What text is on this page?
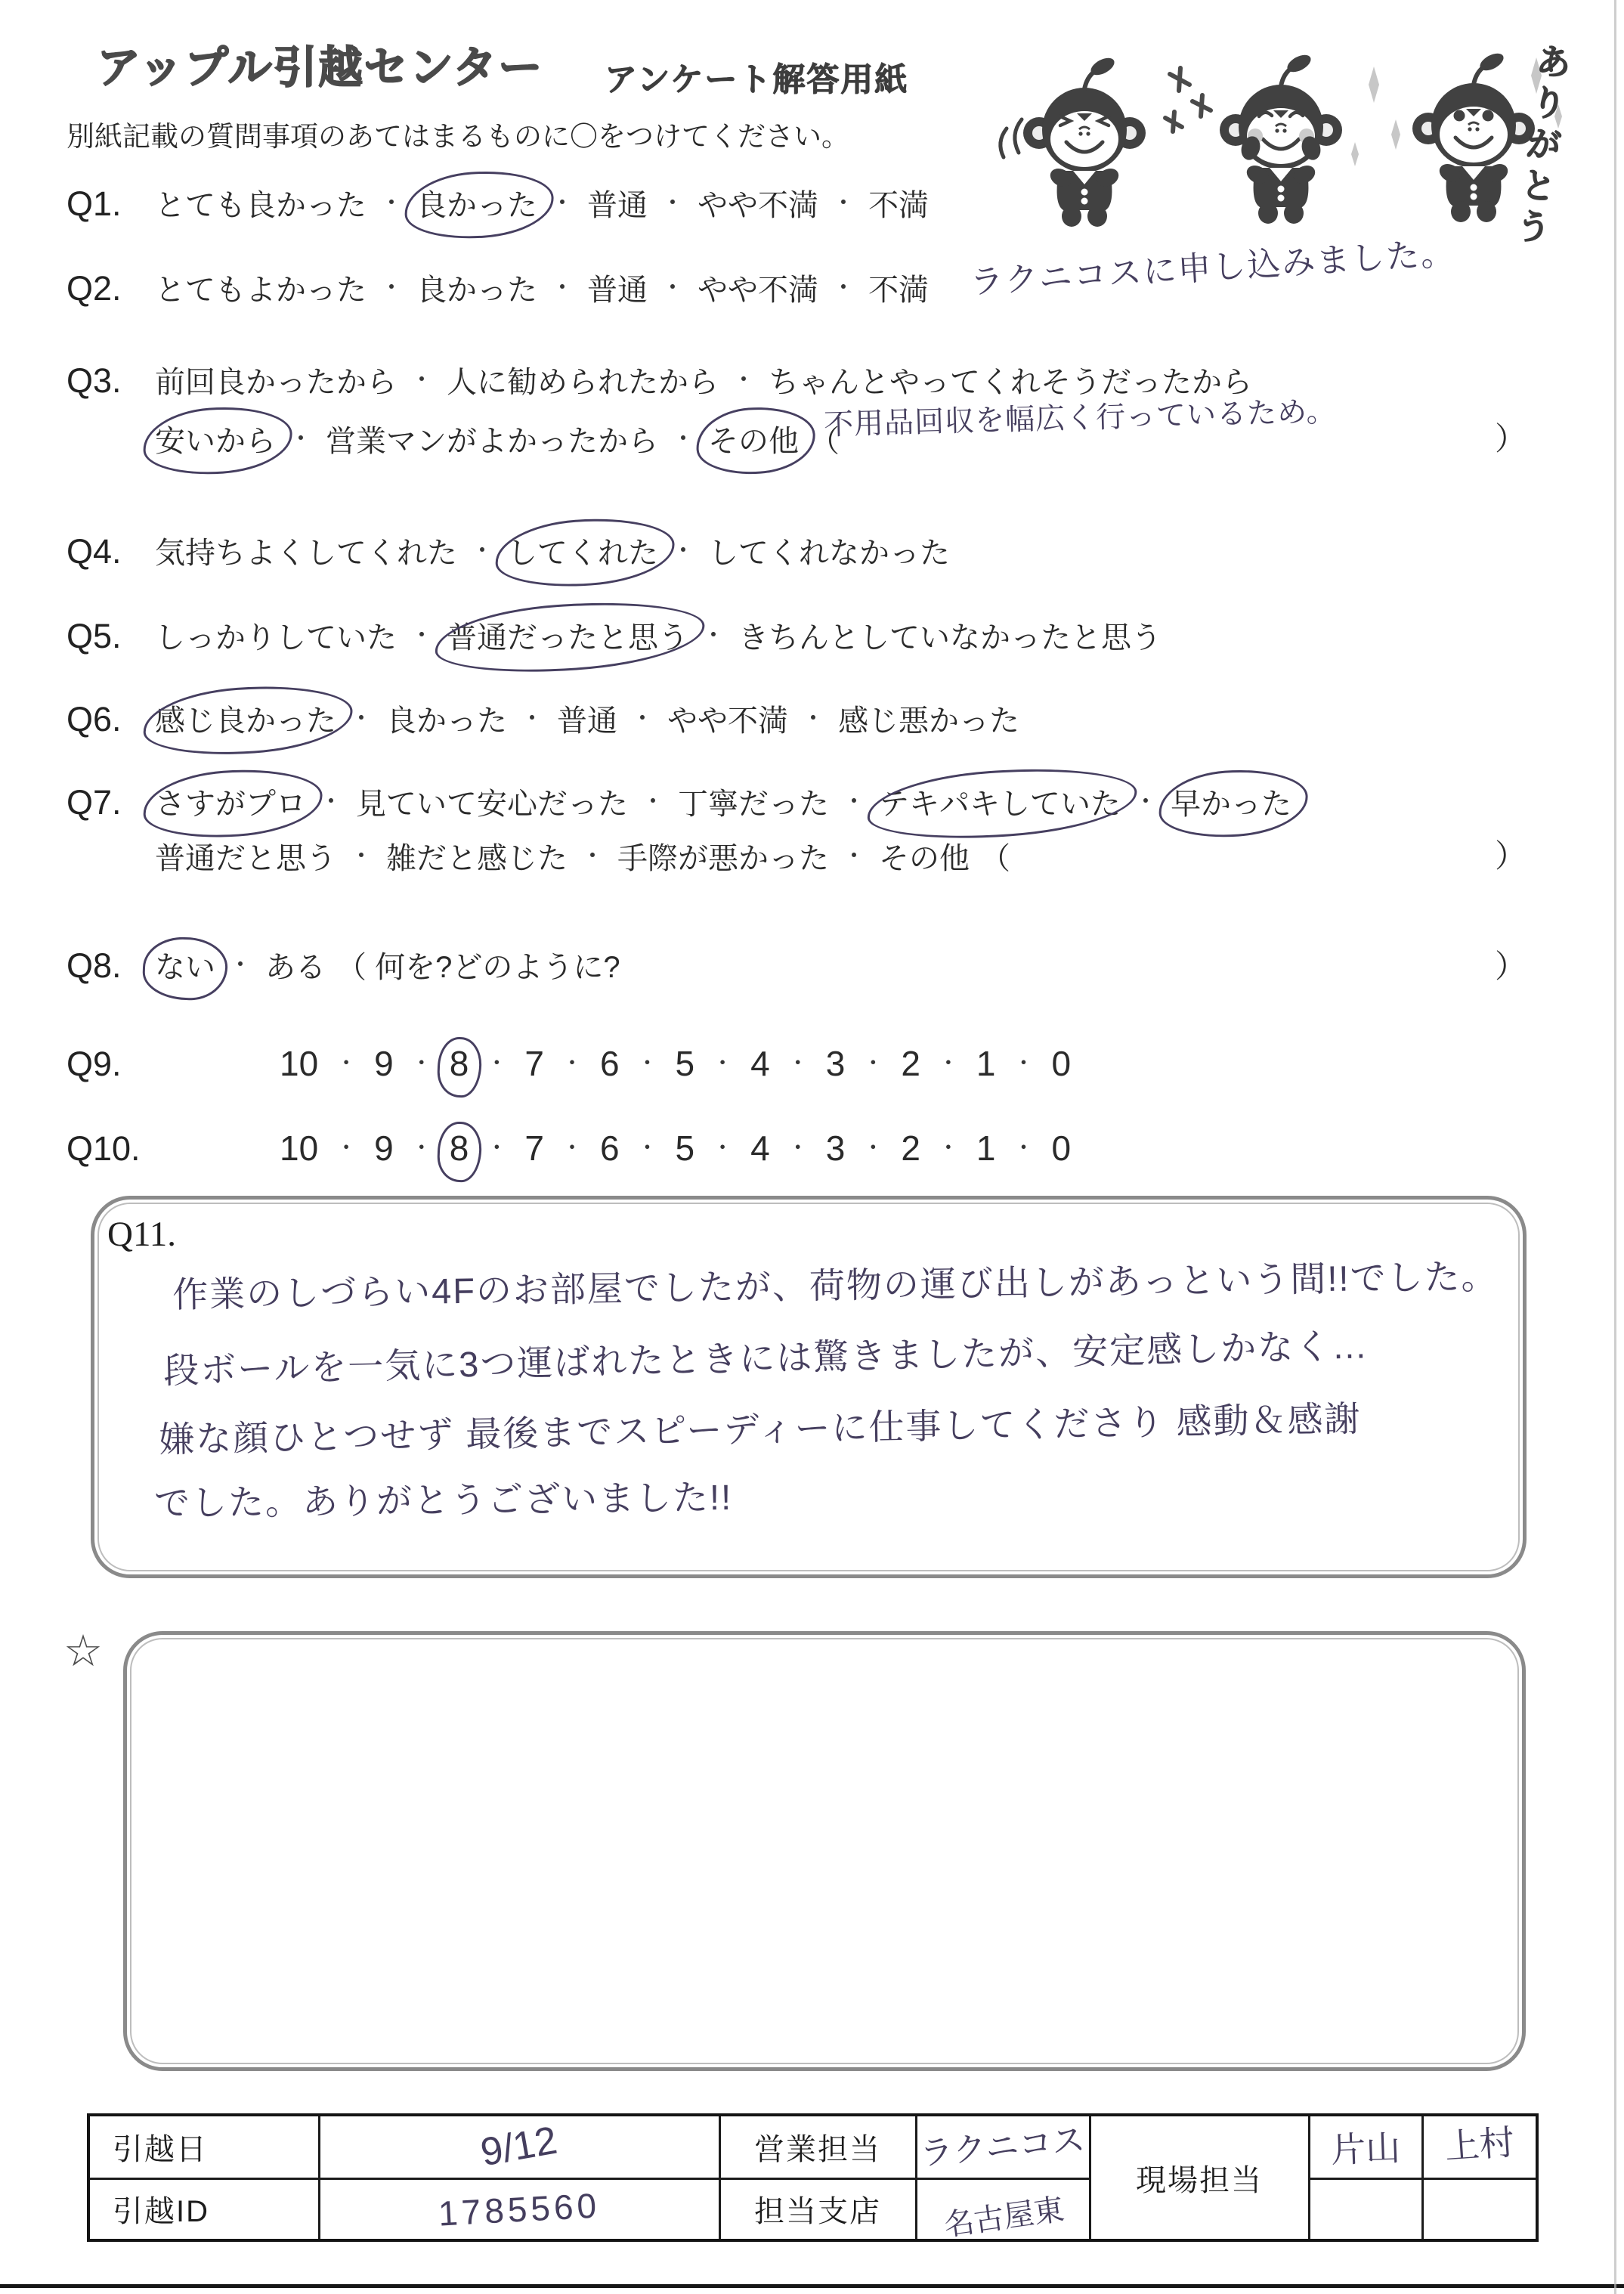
アップル引越センター アンケート解答用紙
別紙記載の質問事項のあてはまるものに〇をつけてください。	ありがとう
Q1. とても良かった ・ 良かった ・ 普通 ・ やや不満 ・ 不満
Q2. とてもよかった ・ 良かった ・ 普通 ・ やや不満 ・ 不満
Q3. 前回良かったから ・ 人に勧められたから ・ ちゃんとやってくれそうだったから
安いから ・ 営業マンがよかったから ・ その他 （
Q4. 気持ちよくしてくれた ・ してくれた ・ してくれなかった
Q5. しっかりしていた ・ 普通だったと思う ・ きちんとしていなかったと思う
Q6. 感じ良かった ・ 良かった ・ 普通 ・ やや不満 ・ 感じ悪かった
Q7. さすがプロ ・ 見ていて安心だった ・ 丁寧だった ・ テキパキしていた ・ 早かった
普通だと思う ・ 雑だと感じた ・ 手際が悪かった ・ その他 （
Q8. ない ・ ある （ 何を?どのように?
Q9.	10 ・ 9 ・ 8 ・ 7 ・ 6 ・ 5 ・ 4 ・ 3 ・ 2 ・ 1 ・ 0
Q10.	10 ・ 9 ・ 8 ・ 7 ・ 6 ・ 5 ・ 4 ・ 3 ・ 2 ・ 1 ・ 0
）
）
）
ラクニコスに申し込みました。
不用品回収を幅広く行っているため。
Q11.
作業のしづらい4Fのお部屋でしたが、荷物の運び出しがあっという間!!でした。
段ボールを一気に3つ運ばれたときには驚きましたが、安定感しかなく…
嫌な顔ひとつせず 最後までスピーディーに仕事してくださり 感動＆感謝
でした。ありがとうございました!!
☆
引越日	9/12	営業担当	ラクニコス	現場担当	片山	上村
引越ID	1785560	担当支店	名古屋東			
